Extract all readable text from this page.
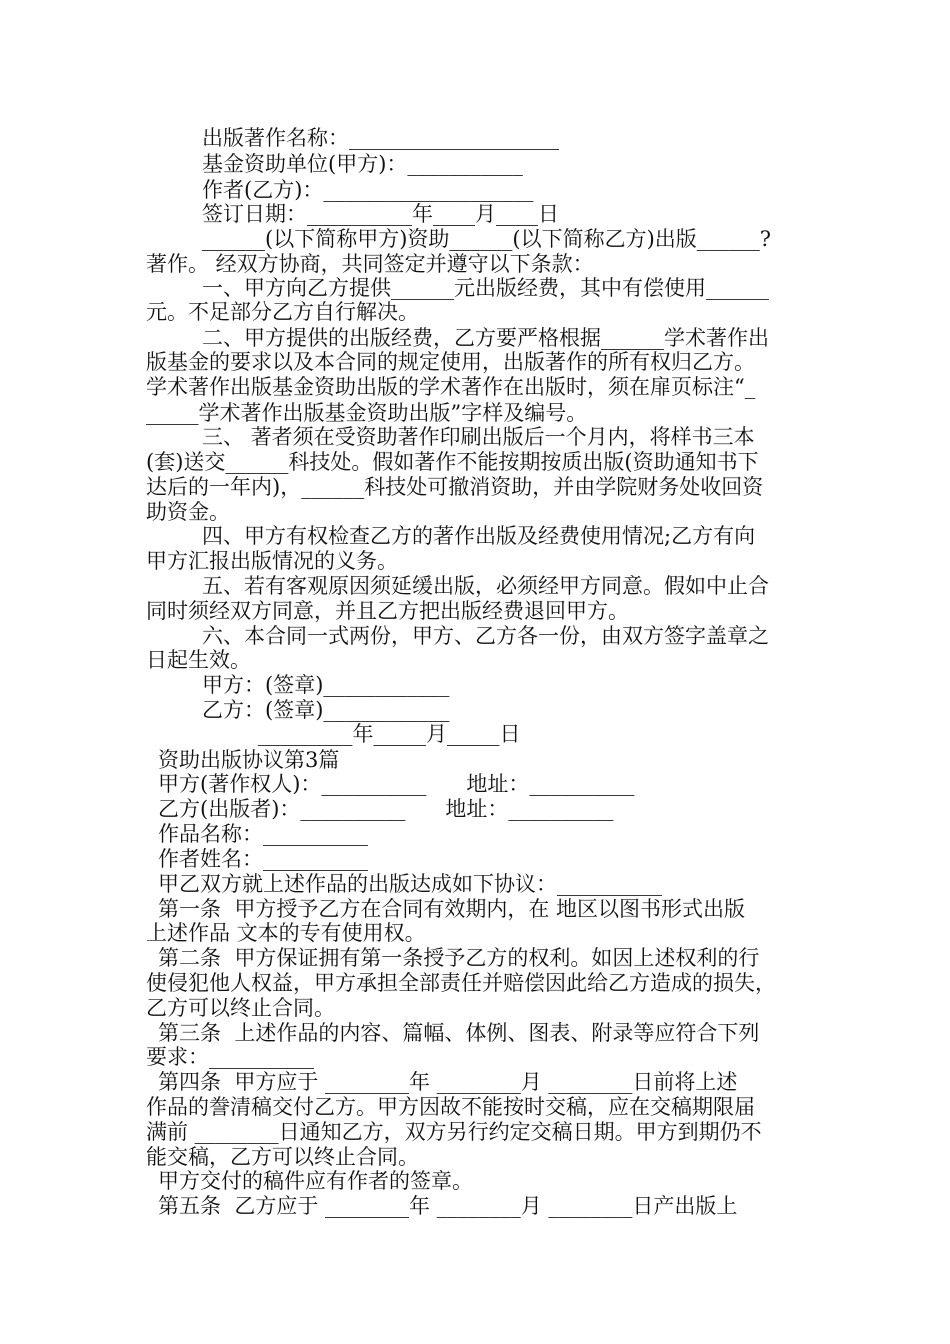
出版著作名称：____________________
基金资助单位(甲方)：___________
作者(乙方)：____________________
签订日期：__________年____月____日
______(以下简称甲方)资助______(以下简称乙方)出版______?
著作。 经双方协商，共同签定并遵守以下条款：
一、甲方向乙方提供______元出版经费，其中有偿使用______
元。不足部分乙方自行解决。
二、甲方提供的出版经费，乙方要严格根据______学术著作出
版基金的要求以及本合同的规定使用，出版著作的所有权归乙方。
学术著作出版基金资助出版的学术著作在出版时，须在扉页标注“_
_____学术著作出版基金资助出版”字样及编号。
三、 著者须在受资助著作印刷出版后一个月内，将样书三本
(套)送交______科技处。假如著作不能按期按质出版(资助通知书下
达后的一年内)，______科技处可撤消资助，并由学院财务处收回资
助资金。
四、甲方有权检查乙方的著作出版及经费使用情况;乙方有向
甲方汇报出版情况的义务。
五、若有客观原因须延缓出版，必须经甲方同意。假如中止合
同时须经双方同意，并且乙方把出版经费退回甲方。
六、本合同一式两份，甲方、乙方各一份，由双方签字盖章之
日起生效。
甲方：(签章)____________
乙方：(签章)____________
_________年_____月_____日
资助出版协议第3篇
甲方(著作权人)：__________      地址：__________
乙方(出版者)：__________      地址：__________
作品名称：__________
作者姓名：__________
甲乙双方就上述作品的出版达成如下协议：__________
第一条  甲方授予乙方在合同有效期内，在 地区以图书形式出版
上述作品 文本的专有使用权。
第二条  甲方保证拥有第一条授予乙方的权利。如因上述权利的行
使侵犯他人权益，甲方承担全部责任并赔偿因此给乙方造成的损失，
乙方可以终止合同。
第三条  上述作品的内容、篇幅、体例、图表、附录等应符合下列
要求：__________
第四条  甲方应于 ________年 ________月 ________日前将上述
作品的誊清稿交付乙方。甲方因故不能按时交稿，应在交稿期限届
满前 ________日通知乙方，双方另行约定交稿日期。甲方到期仍不
能交稿，乙方可以终止合同。
甲方交付的稿件应有作者的签章。
第五条  乙方应于 ________年 ________月 ________日产出版上
